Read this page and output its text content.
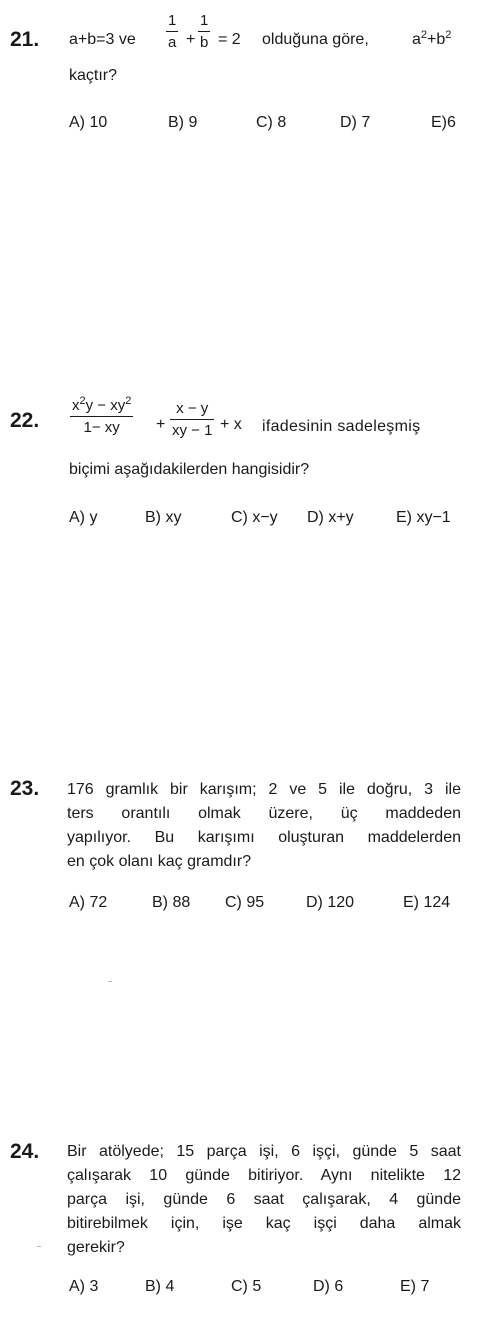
21. a+b=3 ve
1
a +
1
b = 2 olduğuna göre,	$a^2+b^2$
kaçtır?
A) 10	B) 9	C) 8	D) 7	E)6
22.
$x^2y - xy^2$
1− xy +
x − y
xy − 1 + x ifadesinin sadeleşmiş
biçimi aşağıdakilerden hangisidir?
A) y	B) xy	C) x−y D) x+y	E) xy−1
23. 176 gramlık bir karışım; 2 ve 5 ile doğru, 3 ile
ters orantılı olmak üzere, üç maddeden
yapılıyor. Bu karışımı oluşturan maddelerden
en çok olanı kaç gramdır?
A) 72	B) 88 C) 95	D) 120	E) 124
24. Bir atölyede; 15 parça işi, 6 işçi, günde 5 saat
çalışarak 10 günde bitiriyor. Aynı nitelikte 12
parça işi, günde 6 saat çalışarak, 4 günde
bitirebilmek için, işe kaç işçi daha almak
gerekir?
A) 3	B) 4	C) 5	D) 6	E) 7
